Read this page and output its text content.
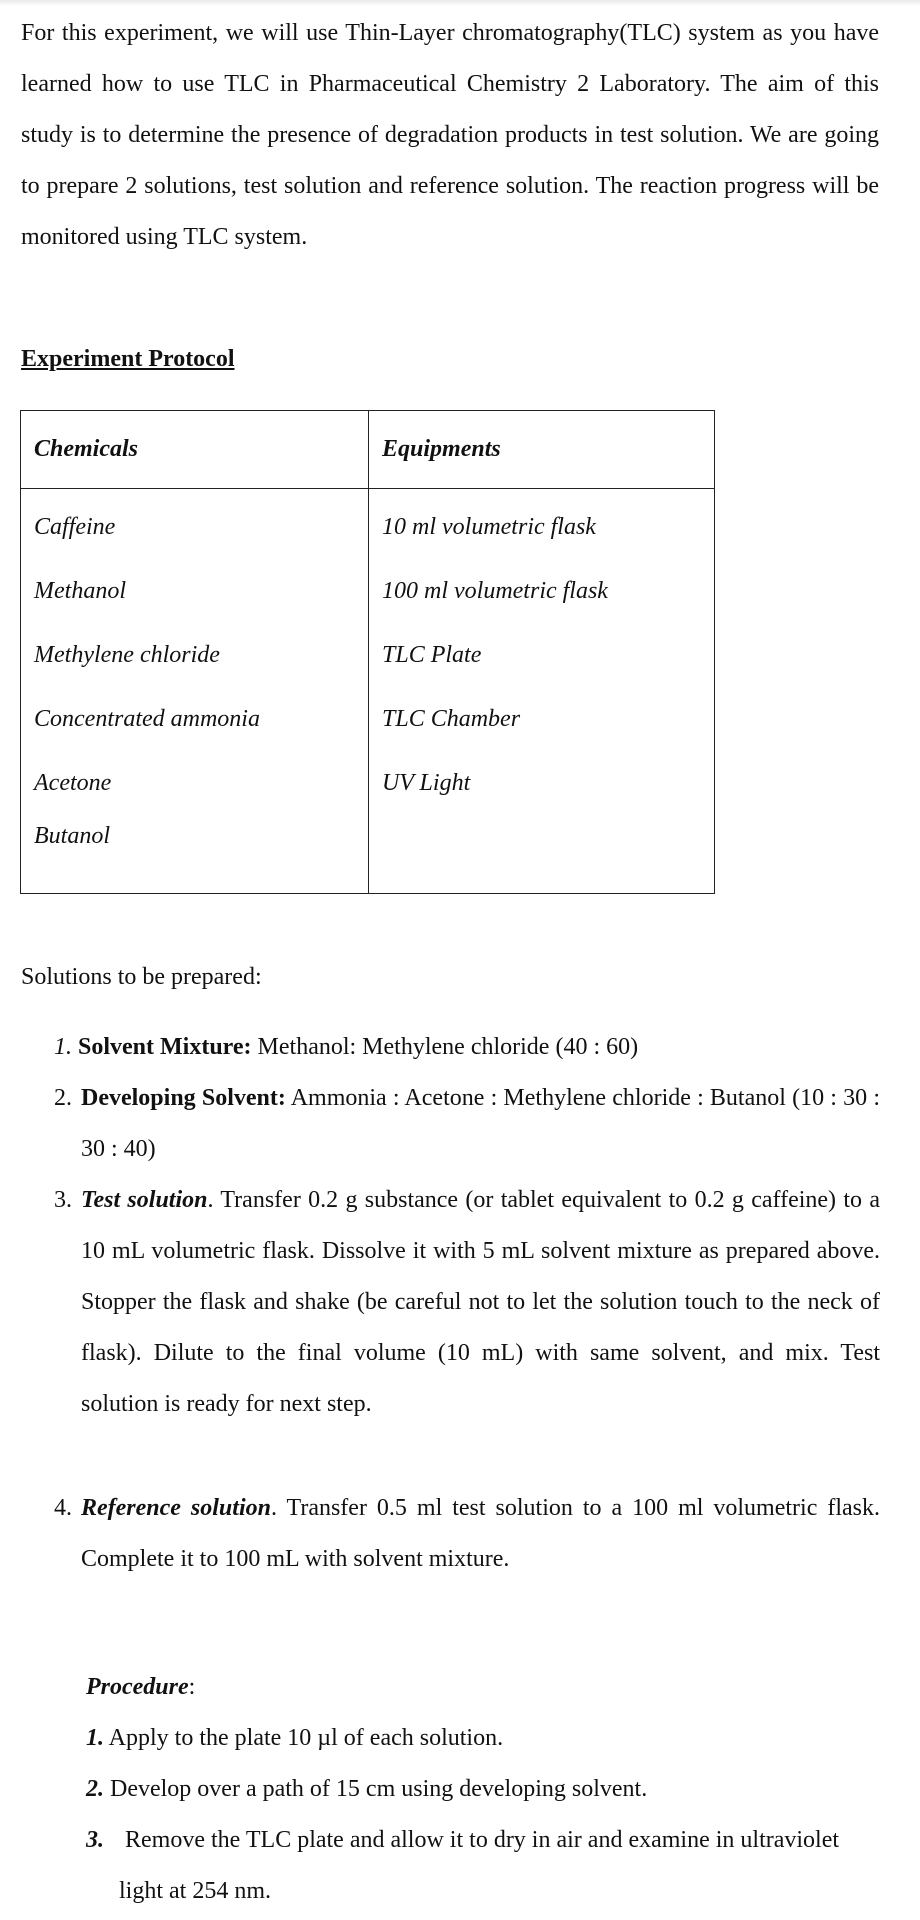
For this experiment, we will use Thin-Layer chromatography(TLC) system as you have learned how to use TLC in Pharmaceutical Chemistry 2 Laboratory. The aim of this study is to determine the presence of degradation products in test solution. We are going to prepare 2 solutions, test solution and reference solution. The reaction progress will be monitored using TLC system.

Experiment Protocol

Chemicals	Equipments
Caffeine	10 ml volumetric flask
Methanol	100 ml volumetric flask
Methylene chloride	TLC Plate
Concentrated ammonia	TLC Chamber
Acetone	UV Light
Butanol	

Solutions to be prepared:

1. Solvent Mixture: Methanol: Methylene chloride (40 : 60)
2. Developing Solvent: Ammonia : Acetone : Methylene chloride : Butanol (10 : 30 : 30 : 40)
3. Test solution. Transfer 0.2 g substance (or tablet equivalent to 0.2 g caffeine) to a 10 mL volumetric flask. Dissolve it with 5 mL solvent mixture as prepared above. Stopper the flask and shake (be careful not to let the solution touch to the neck of flask). Dilute to the final volume (10 mL) with same solvent, and mix. Test solution is ready for next step.
4. Reference solution. Transfer 0.5 ml test solution to a 100 ml volumetric flask. Complete it to 100 mL with solvent mixture.

Procedure:

1. Apply to the plate 10 µl of each solution.
2. Develop over a path of 15 cm using developing solvent.
3. Remove the TLC plate and allow it to dry in air and examine in ultraviolet light at 254 nm.
